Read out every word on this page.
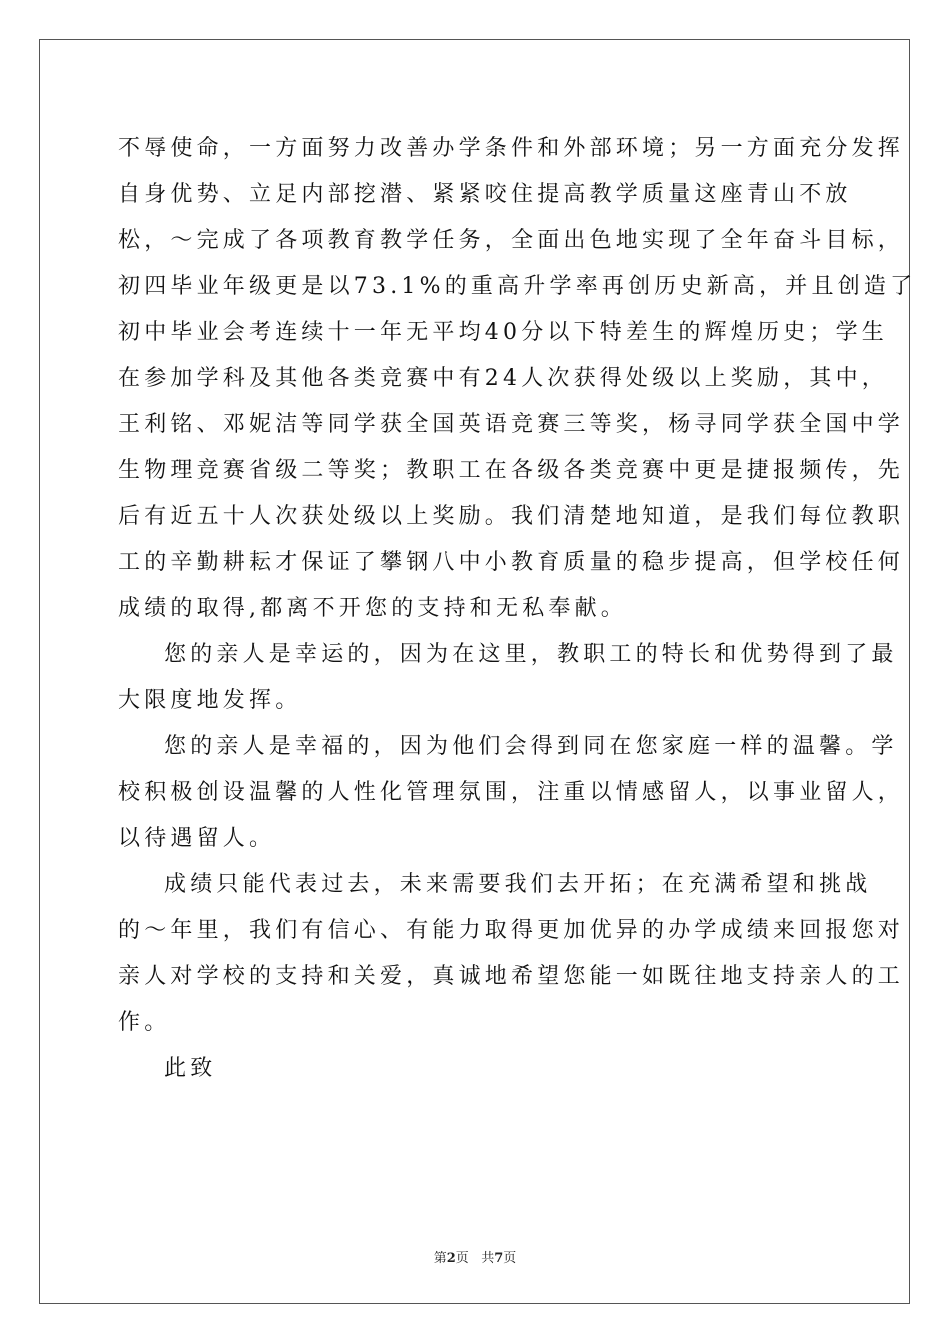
不辱使命，一方面努力改善办学条件和外部环境；另一方面充分发挥
自身优势、立足内部挖潜、紧紧咬住提高教学质量这座青山不放
松，～完成了各项教育教学任务，全面出色地实现了全年奋斗目标，
初四毕业年级更是以73.1%的重高升学率再创历史新高，并且创造了
初中毕业会考连续十一年无平均40分以下特差生的辉煌历史；学生
在参加学科及其他各类竞赛中有24人次获得处级以上奖励，其中，
王利铭、邓妮洁等同学获全国英语竞赛三等奖，杨寻同学获全国中学
生物理竞赛省级二等奖；教职工在各级各类竞赛中更是捷报频传，先
后有近五十人次获处级以上奖励。我们清楚地知道，是我们每位教职
工的辛勤耕耘才保证了攀钢八中小教育质量的稳步提高，但学校任何
成绩的取得,都离不开您的支持和无私奉献。
您的亲人是幸运的，因为在这里，教职工的特长和优势得到了最
大限度地发挥。
您的亲人是幸福的，因为他们会得到同在您家庭一样的温馨。学
校积极创设温馨的人性化管理氛围，注重以情感留人，以事业留人，
以待遇留人。
成绩只能代表过去，未来需要我们去开拓；在充满希望和挑战
的～年里，我们有信心、有能力取得更加优异的办学成绩来回报您对
亲人对学校的支持和关爱，真诚地希望您能一如既往地支持亲人的工
作。
此致
第2页 共7页
